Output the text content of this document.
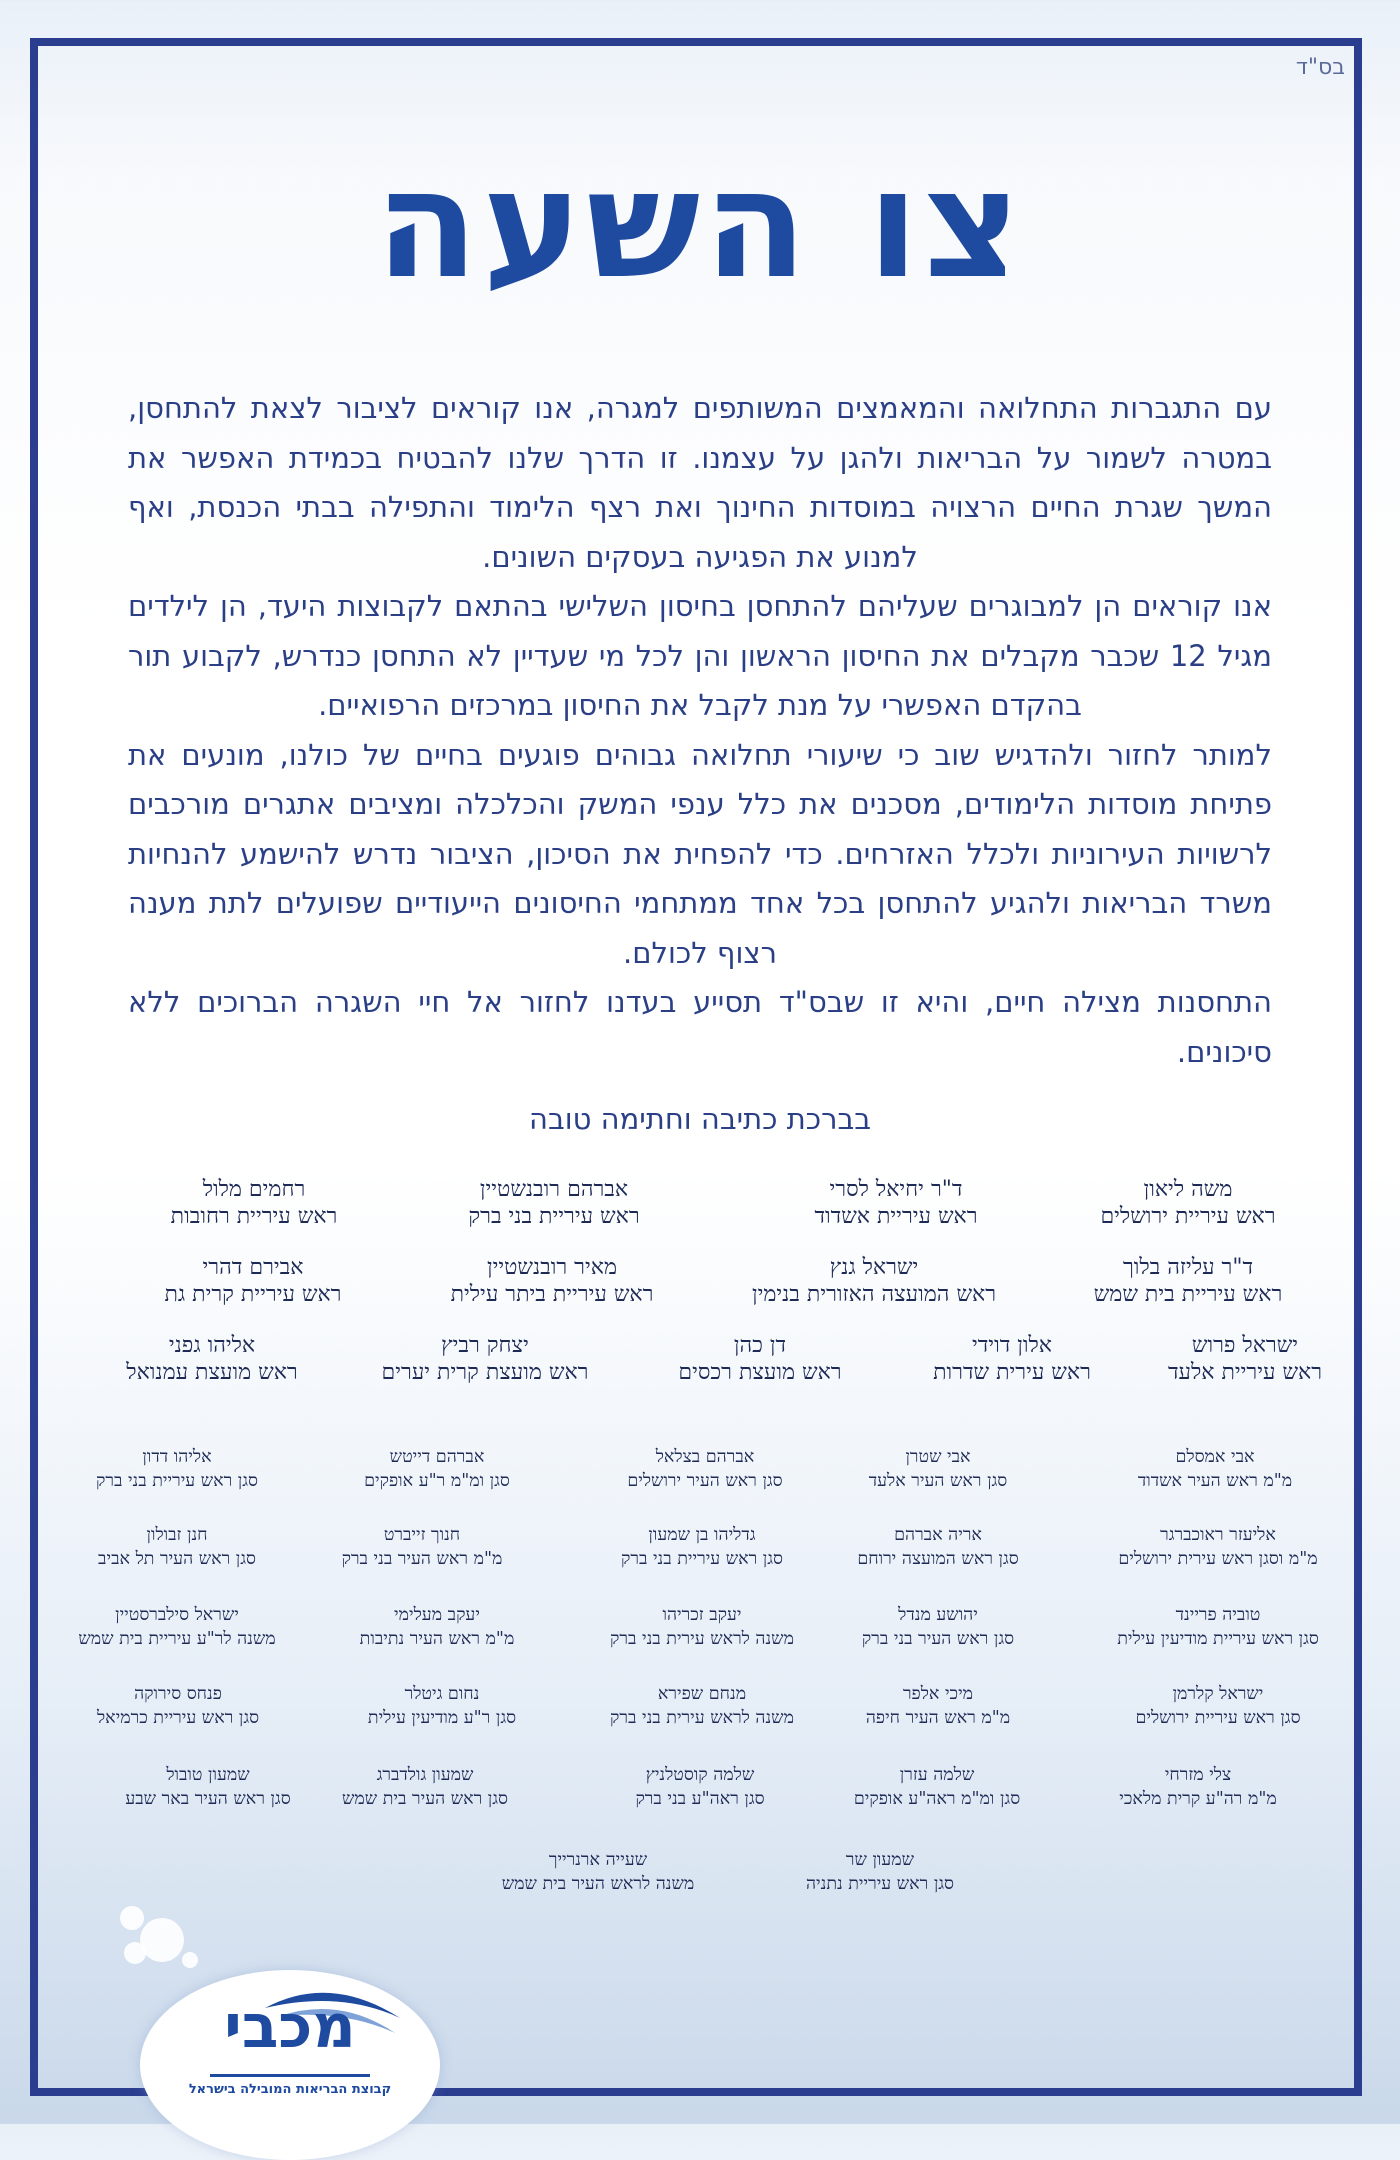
בס"ד
צו השעה

עם התגברות התחלואה והמאמצים המשותפים למגרה, אנו קוראים לציבור לצאת להתחסן, במטרה לשמור על הבריאות ולהגן על עצמנו. זו הדרך שלנו להבטיח בכמידת האפשר את המשך שגרת החיים הרצויה במוסדות החינוך ואת רצף הלימוד והתפילה בבתי הכנסת, ואף למנוע את הפגיעה בעסקים השונים.

אנו קוראים הן למבוגרים שעליהם להתחסן בחיסון השלישי בהתאם לקבוצות היעד, הן לילדים מגיל 12 שכבר מקבלים את החיסון הראשון והן לכל מי שעדיין לא התחסן כנדרש, לקבוע תור בהקדם האפשרי על מנת לקבל את החיסון במרכזים הרפואיים.

למותר לחזור ולהדגיש שוב כי שיעורי תחלואה גבוהים פוגעים בחיים של כולנו, מונעים את פתיחת מוסדות הלימודים, מסכנים את כלל ענפי המשק והכלכלה ומציבים אתגרים מורכבים לרשויות העירוניות ולכלל האזרחים. כדי להפחית את הסיכון, הציבור נדרש להישמע להנחיות משרד הבריאות ולהגיע להתחסן בכל אחד ממתחמי החיסונים הייעודיים שפועלים לתת מענה רצוף לכולם.

התחסנות מצילה חיים, והיא זו שבס"ד תסייע בעדנו לחזור אל חיי השגרה הברוכים ללא סיכונים.

בברכת כתיבה וחתימה טובה
משה ליאון
ראש עיריית ירושלים
ד"ר יחיאל לסרי
ראש עיריית אשדוד
אברהם רובנשטיין
ראש עיריית בני ברק
רחמים מלול
ראש עיריית רחובות
ד"ר עליזה בלוך
ראש עיריית בית שמש
ישראל גנץ
ראש המועצה האזורית בנימין
מאיר רובנשטיין
ראש עיריית ביתר עילית
אבירם דהרי
ראש עיריית קרית גת
ישראל פרוש
ראש עיריית אלעד
אלון דוידי
ראש עירית שדרות
דן כהן
ראש מועצת רכסים
יצחק רביץ
ראש מועצת קרית יערים
אליהו גפני
ראש מועצת עמנואל
אבי אמסלם
מ"מ ראש העיר אשדוד
אבי שטרן
סגן ראש העיר אלעד
אברהם בצלאל
סגן ראש העיר ירושלים
אברהם דייטש
סגן ומ"מ ר"ע אופקים
אליהו דדון
סגן ראש עיריית בני ברק
אליעזר ראוכברגר
מ"מ וסגן ראש עירית ירושלים
אריה אברהם
סגן ראש המועצה ירוחם
גדליהו בן שמעון
סגן ראש עיריית בני ברק
חנוך זייברט
מ"מ ראש העיר בני ברק
חנן זבולון
סגן ראש העיר תל אביב
טוביה פריינד
סגן ראש עיריית מודיעין עילית
יהושע מנדל
סגן ראש העיר בני ברק
יעקב זכריהו
משנה לראש עירית בני ברק
יעקב מעלימי
מ"מ ראש העיר נתיבות
ישראל סילברסטיין
משנה לר"ע עיריית בית שמש
ישראל קלרמן
סגן ראש עיריית ירושלים
מיכי אלפר
מ"מ ראש העיר חיפה
מנחם שפירא
משנה לראש עירית בני ברק
נחום גיטלר
סגן ר"ע מודיעין עילית
פנחס סירוקה
סגן ראש עיריית כרמיאל
צלי מזרחי
מ"מ רה"ע קרית מלאכי
שלמה עזרן
סגן ומ"מ ראה"ע אופקים
שלמה קוסטלניץ
סגן ראה"ע בני ברק
שמעון גולדברג
סגן ראש העיר בית שמש
שמעון טובול
סגן ראש העיר באר שבע
שמעון שר
סגן ראש עיריית נתניה
שעייה ארנרייך
משנה לראש העיר בית שמש
מכבי
קבוצת הבריאות המובילה בישראל
